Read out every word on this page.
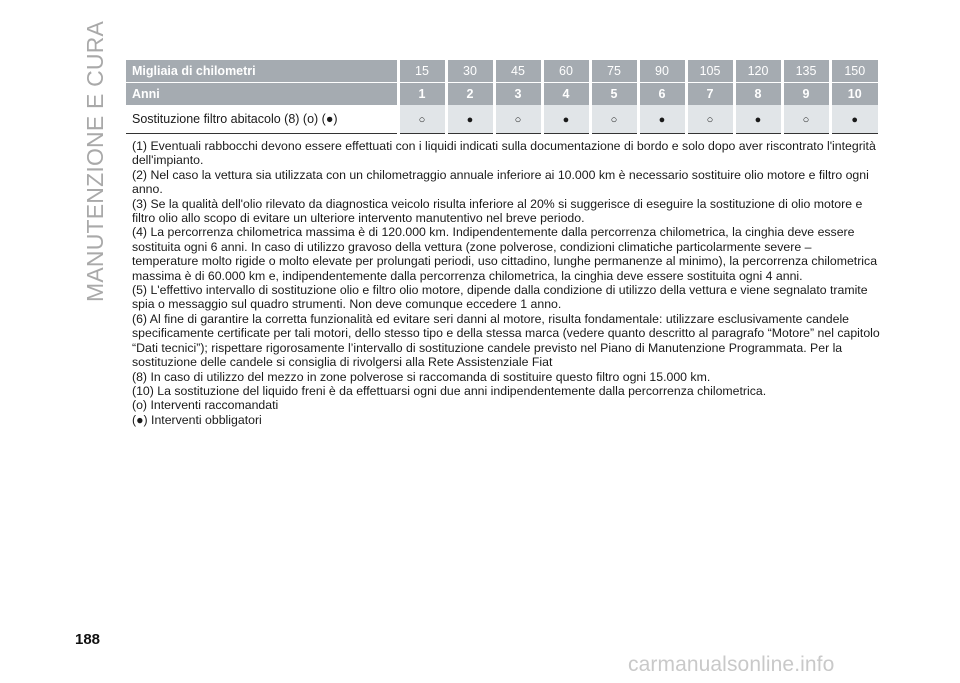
MANUTENZIONE E CURA Migliaia di chilometri	15	30	45	60	75	90	105	120	135	150
Anni	1	2	3	4	5	6	7	8	9	10
Sostituzione filtro abitacolo (8) (o) (●)	○	●	○	●	○	●	○	●	○	●

(1) Eventuali rabbocchi devono essere effettuati con i liquidi indicati sulla documentazione di bordo e solo dopo aver riscontrato l'integrità dell'impianto.

(2) Nel caso la vettura sia utilizzata con un chilometraggio annuale inferiore ai 10.000 km è necessario sostituire olio motore e filtro ogni anno.

(3) Se la qualità dell'olio rilevato da diagnostica veicolo risulta inferiore al 20% si suggerisce di eseguire la sostituzione di olio motore e filtro olio allo scopo di evitare un ulteriore intervento manutentivo nel breve periodo.

(4) La percorrenza chilometrica massima è di 120.000 km. Indipendentemente dalla percorrenza chilometrica, la cinghia deve essere sostituita ogni 6 anni. In caso di utilizzo gravoso della vettura (zone polverose, condizioni climatiche particolarmente severe – temperature molto rigide o molto elevate per prolungati periodi, uso cittadino, lunghe permanenze al minimo), la percorrenza chilometrica massima è di 60.000 km e, indipendentemente dalla percorrenza chilometrica, la cinghia deve essere sostituita ogni 4 anni.

(5) L'effettivo intervallo di sostituzione olio e filtro olio motore, dipende dalla condizione di utilizzo della vettura e viene segnalato tramite spia o messaggio sul quadro strumenti. Non deve comunque eccedere 1 anno.

(6) Al fine di garantire la corretta funzionalità ed evitare seri danni al motore, risulta fondamentale: utilizzare esclusivamente candele specificamente certificate per tali motori, dello stesso tipo e della stessa marca (vedere quanto descritto al paragrafo “Motore” nel capitolo “Dati tecnici”); rispettare rigorosamente l’intervallo di sostituzione candele previsto nel Piano di Manutenzione Programmata. Per la sostituzione delle candele si consiglia di rivolgersi alla Rete Assistenziale Fiat

(8) In caso di utilizzo del mezzo in zone polverose si raccomanda di sostituire questo filtro ogni 15.000 km.

(10) La sostituzione del liquido freni è da effettuarsi ogni due anni indipendentemente dalla percorrenza chilometrica.

(o) Interventi raccomandati

(●) Interventi obbligatori

188
carmanualsonline.info
